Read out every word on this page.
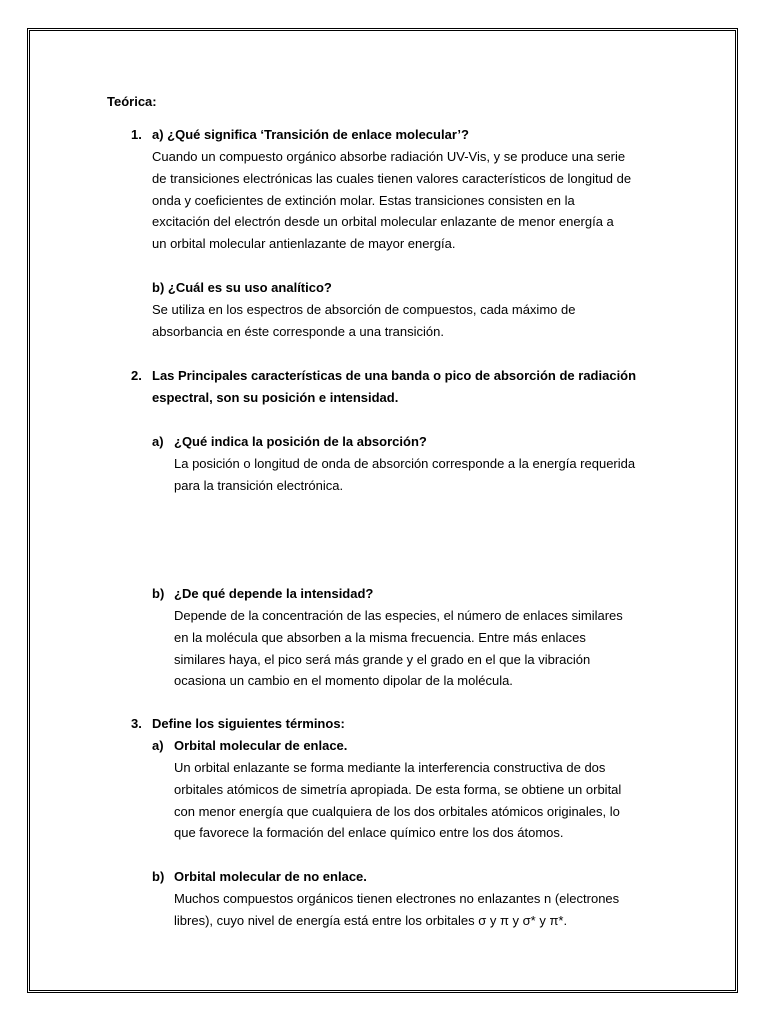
Teórica:
1. a) ¿Qué significa ‘Transición de enlace molecular’?
Cuando un compuesto orgánico absorbe radiación UV-Vis, y se produce una serie
de transiciones electrónicas las cuales tienen valores característicos de longitud de
onda y coeficientes de extinción molar. Estas transiciones consisten en la
excitación del electrón desde un orbital molecular enlazante de menor energía a
un orbital molecular antienlazante de mayor energía.
b) ¿Cuál es su uso analítico?
Se utiliza en los espectros de absorción de compuestos, cada máximo de
absorbancia en éste corresponde a una transición.
2. Las Principales características de una banda o pico de absorción de radiación
espectral, son su posición e intensidad.
a) ¿Qué indica la posición de la absorción?
La posición o longitud de onda de absorción corresponde a la energía requerida
para la transición electrónica.
b) ¿De qué depende la intensidad?
Depende de la concentración de las especies, el número de enlaces similares
en la molécula que absorben a la misma frecuencia. Entre más enlaces
similares haya, el pico será más grande y el grado en el que la vibración
ocasiona un cambio en el momento dipolar de la molécula.
3. Define los siguientes términos:
a) Orbital molecular de enlace.
Un orbital enlazante se forma mediante la interferencia constructiva de dos
orbitales atómicos de simetría apropiada. De esta forma, se obtiene un orbital
con menor energía que cualquiera de los dos orbitales atómicos originales, lo
que favorece la formación del enlace químico entre los dos átomos.
b) Orbital molecular de no enlace.
Muchos compuestos orgánicos tienen electrones no enlazantes n (electrones
libres), cuyo nivel de energía está entre los orbitales σ y π y σ* y π*.
